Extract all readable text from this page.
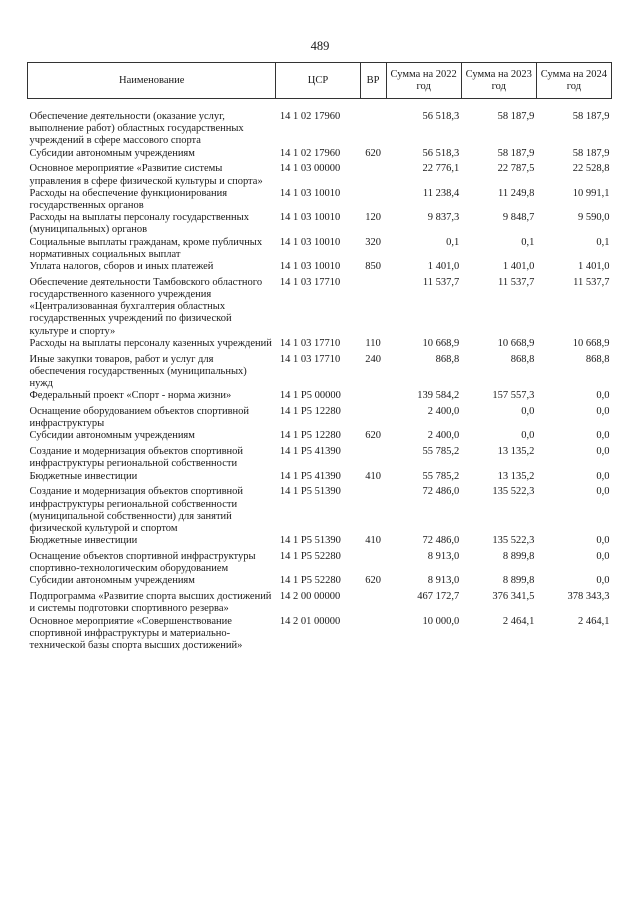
489
Наименование	ЦСР	ВР	Сумма на 2022 год	Сумма на 2023 год	Сумма на 2024 год
Обеспечение деятельности (оказание услуг, выполнение работ) областных государственных учреждений в сфере массового спорта	14 1 02 17960		56 518,3	58 187,9	58 187,9
Субсидии автономным учреждениям	14 1 02 17960	620	56 518,3	58 187,9	58 187,9
Основное мероприятие «Развитие системы управления в сфере физической культуры и спорта»	14 1 03 00000		22 776,1	22 787,5	22 528,8
Расходы на обеспечение функционирования государственных органов	14 1 03 10010		11 238,4	11 249,8	10 991,1
Расходы на выплаты персоналу государственных (муниципальных) органов	14 1 03 10010	120	9 837,3	9 848,7	9 590,0
Социальные выплаты гражданам, кроме публичных нормативных социальных выплат	14 1 03 10010	320	0,1	0,1	0,1
Уплата налогов, сборов и иных платежей	14 1 03 10010	850	1 401,0	1 401,0	1 401,0
Обеспечение деятельности Тамбовского областного государственного казенного учреждения «Централизованная бухгалтерия областных государственных учреждений по физической культуре и спорту»	14 1 03 17710		11 537,7	11 537,7	11 537,7
Расходы на выплаты персоналу казенных учреждений	14 1 03 17710	110	10 668,9	10 668,9	10 668,9
Иные закупки товаров, работ и услуг для обеспечения государственных (муниципальных) нужд	14 1 03 17710	240	868,8	868,8	868,8
Федеральный проект «Спорт - норма жизни»	14 1 P5 00000		139 584,2	157 557,3	0,0
Оснащение оборудованием объектов спортивной инфраструктуры	14 1 P5 12280		2 400,0	0,0	0,0
Субсидии автономным учреждениям	14 1 P5 12280	620	2 400,0	0,0	0,0
Создание и модернизация объектов спортивной инфраструктуры региональной собственности	14 1 P5 41390		55 785,2	13 135,2	0,0
Бюджетные инвестиции	14 1 P5 41390	410	55 785,2	13 135,2	0,0
Создание и модернизация объектов спортивной инфраструктуры региональной собственности (муниципальной собственности) для занятий физической культурой и спортом	14 1 P5 51390		72 486,0	135 522,3	0,0
Бюджетные инвестиции	14 1 P5 51390	410	72 486,0	135 522,3	0,0
Оснащение объектов спортивной инфраструктуры спортивно-технологическим оборудованием	14 1 P5 52280		8 913,0	8 899,8	0,0
Субсидии автономным учреждениям	14 1 P5 52280	620	8 913,0	8 899,8	0,0
Подпрограмма «Развитие спорта высших достижений и системы подготовки спортивного резерва»	14 2 00 00000		467 172,7	376 341,5	378 343,3
Основное мероприятие «Совершенствование спортивной инфраструктуры и материально-технической базы спорта высших достижений»	14 2 01 00000		10 000,0	2 464,1	2 464,1
